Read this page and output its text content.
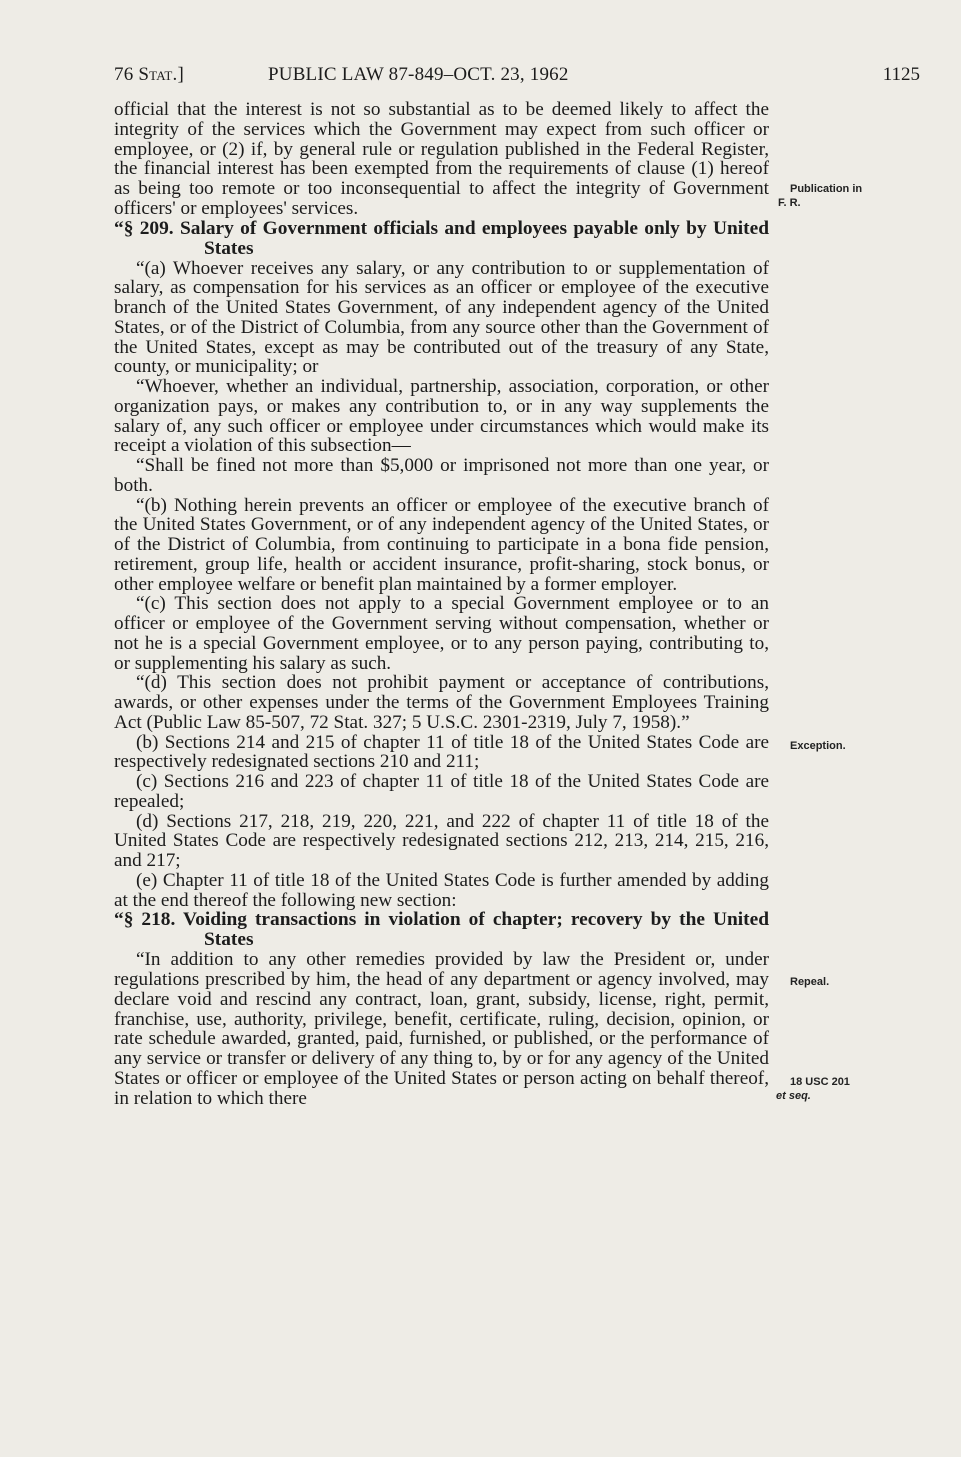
76 Stat.]	PUBLIC LAW 87-849–OCT. 23, 1962	1125

official that the interest is not so substantial as to be deemed likely to affect the integrity of the services which the Government may expect from such officer or employee, or (2) if, by general rule or regulation published in the Federal Register, the financial interest has been exempted from the requirements of clause (1) hereof as being too remote or too inconsequential to affect the integrity of Government officers' or employees' services.

“§ 209. Salary of Government officials and employees payable only by United States

“(a) Whoever receives any salary, or any contribution to or supplementation of salary, as compensation for his services as an officer or employee of the executive branch of the United States Government, of any independent agency of the United States, or of the District of Columbia, from any source other than the Government of the United States, except as may be contributed out of the treasury of any State, county, or municipality; or

“Whoever, whether an individual, partnership, association, corporation, or other organization pays, or makes any contribution to, or in any way supplements the salary of, any such officer or employee under circumstances which would make its receipt a violation of this subsection—

“Shall be fined not more than $5,000 or imprisoned not more than one year, or both.

“(b) Nothing herein prevents an officer or employee of the executive branch of the United States Government, or of any independent agency of the United States, or of the District of Columbia, from continuing to participate in a bona fide pension, retirement, group life, health or accident insurance, profit-sharing, stock bonus, or other employee welfare or benefit plan maintained by a former employer.

“(c) This section does not apply to a special Government employee or to an officer or employee of the Government serving without compensation, whether or not he is a special Government employee, or to any person paying, contributing to, or supplementing his salary as such.

“(d) This section does not prohibit payment or acceptance of contributions, awards, or other expenses under the terms of the Government Employees Training Act (Public Law 85-507, 72 Stat. 327; 5 U.S.C. 2301-2319, July 7, 1958).”

(b) Sections 214 and 215 of chapter 11 of title 18 of the United States Code are respectively redesignated sections 210 and 211;

(c) Sections 216 and 223 of chapter 11 of title 18 of the United States Code are repealed;

(d) Sections 217, 218, 219, 220, 221, and 222 of chapter 11 of title 18 of the United States Code are respectively redesignated sections 212, 213, 214, 215, 216, and 217;

(e) Chapter 11 of title 18 of the United States Code is further amended by adding at the end thereof the following new section:

“§ 218. Voiding transactions in violation of chapter; recovery by the United States

“In addition to any other remedies provided by law the President or, under regulations prescribed by him, the head of any department or agency involved, may declare void and rescind any contract, loan, grant, subsidy, license, right, permit, franchise, use, authority, privilege, benefit, certificate, ruling, decision, opinion, or rate schedule awarded, granted, paid, furnished, or published, or the performance of any service or transfer or delivery of any thing to, by or for any agency of the United States or officer or employee of the United States or person acting on behalf thereof, in relation to which there

Publication in
F. R.
Exception.
Repeal.
18 USC 201
et seq.
